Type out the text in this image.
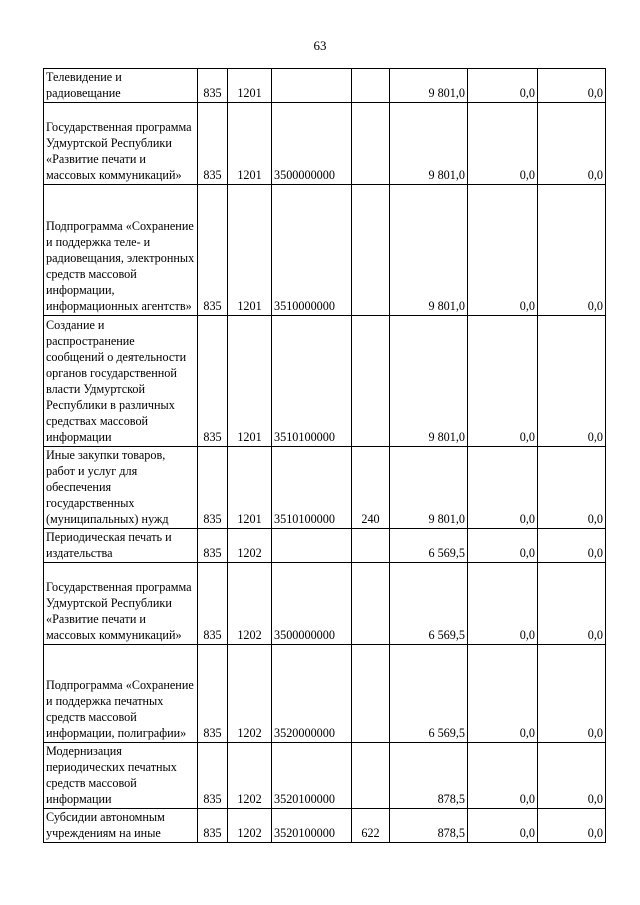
63
Телевидение и радиовещание	835	1201			9 801,0	0,0	0,0
Государственная программа Удмуртской Республики «Развитие печати и массовых коммуникаций»	835	1201	3500000000		9 801,0	0,0	0,0
Подпрограмма «Сохранение и поддержка теле- и радиовещания, электронных средств массовой информации, информационных агентств»	835	1201	3510000000		9 801,0	0,0	0,0
Создание и распространение сообщений о деятельности органов государственной власти Удмуртской Республики в различных средствах массовой информации	835	1201	3510100000		9 801,0	0,0	0,0
Иные закупки товаров, работ и услуг для обеспечения государственных (муниципальных) нужд	835	1201	3510100000	240	9 801,0	0,0	0,0
Периодическая печать и издательства	835	1202			6 569,5	0,0	0,0
Государственная программа Удмуртской Республики «Развитие печати и массовых коммуникаций»	835	1202	3500000000		6 569,5	0,0	0,0
Подпрограмма «Сохранение и поддержка печатных средств массовой информации, полиграфии»	835	1202	3520000000		6 569,5	0,0	0,0
Модернизация периодических печатных средств массовой информации	835	1202	3520100000		878,5	0,0	0,0
Субсидии автономным учреждениям на иные	835	1202	3520100000	622	878,5	0,0	0,0
